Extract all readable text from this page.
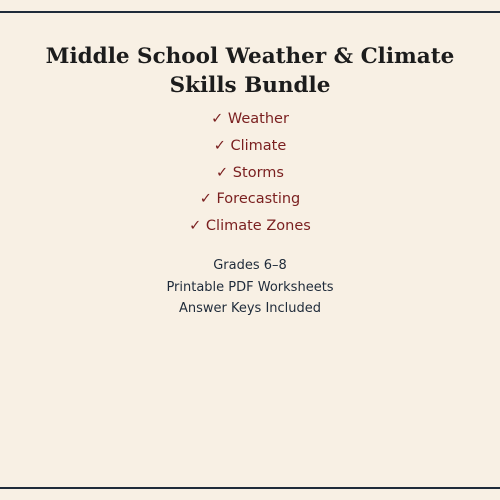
Middle School Weather & Climate
Skills Bundle
✓ Weather
✓ Climate
✓ Storms
✓ Forecasting
✓ Climate Zones
Grades 6–8
Printable PDF Worksheets
Answer Keys Included
